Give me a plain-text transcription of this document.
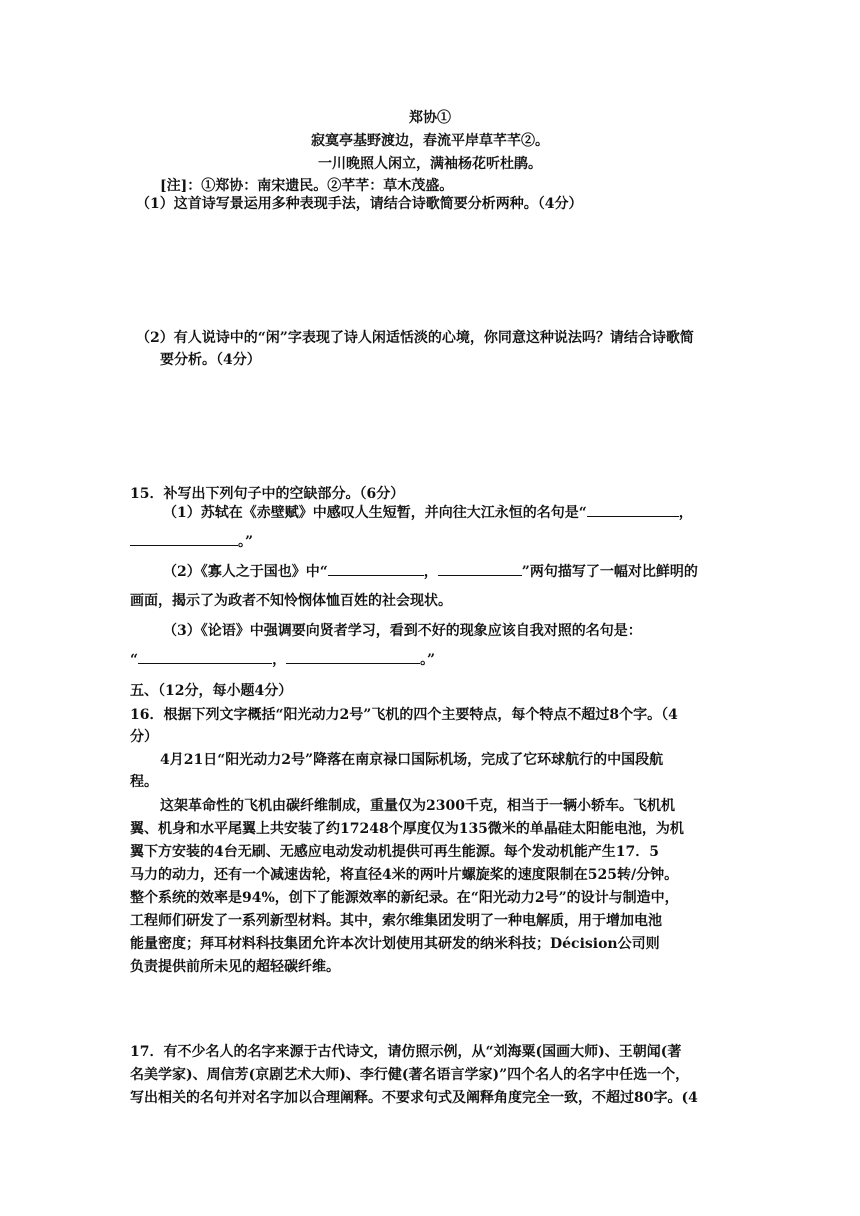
郑协①
寂寞亭基野渡边，春流平岸草芊芊②。
一川晚照人闲立，满袖杨花听杜鹃。
[注]：①郑协：南宋遗民。②芊芊：草木茂盛。
（1）这首诗写景运用多种表现手法，请结合诗歌简要分析两种。（4分）
（2）有人说诗中的“闲”字表现了诗人闲适恬淡的心境，你同意这种说法吗？请结合诗歌简
要分析。（4分）
15．补写出下列句子中的空缺部分。（6分）
（1）苏轼在《赤壁赋》中感叹人生短暂，并向往大江永恒的名句是“	，
。”
（2）《寡人之于国也》中“	，	”两句描写了一幅对比鲜明的
画面，揭示了为政者不知怜悯体恤百姓的社会现状。
（3）《论语》中强调要向贤者学习，看到不好的现象应该自我对照的名句是：
“	，	。”
五、（12分，每小题4分）
16．根据下列文字概括“阳光动力2号”飞机的四个主要特点，每个特点不超过8个字。（4
分）
4月21日“阳光动力2号”降落在南京禄口国际机场，完成了它环球航行的中国段航
程。
这架革命性的飞机由碳纤维制成，重量仅为2300千克，相当于一辆小轿车。飞机机
翼、机身和水平尾翼上共安装了约17248个厚度仅为135微米的单晶硅太阳能电池，为机
翼下方安装的4台无刷、无感应电动发动机提供可再生能源。每个发动机能产生17．5
马力的动力，还有一个减速齿轮，将直径4米的两叶片螺旋桨的速度限制在525转/分钟。
整个系统的效率是94%，创下了能源效率的新纪录。在“阳光动力2号”的设计与制造中，
工程师们研发了一系列新型材料。其中，索尔维集团发明了一种电解质，用于增加电池
能量密度；拜耳材料科技集团允许本次计划使用其研发的纳米科技；Décision公司则
负责提供前所未见的超轻碳纤维。
17．有不少名人的名字来源于古代诗文，请仿照示例，从“刘海粟(国画大师)、王朝闻(著
名美学家)、周信芳(京剧艺术大师)、李行健(著名语言学家)”四个名人的名字中任选一个，
写出相关的名句并对名字加以合理阐释。不要求句式及阐释角度完全一致，不超过80字。(4
